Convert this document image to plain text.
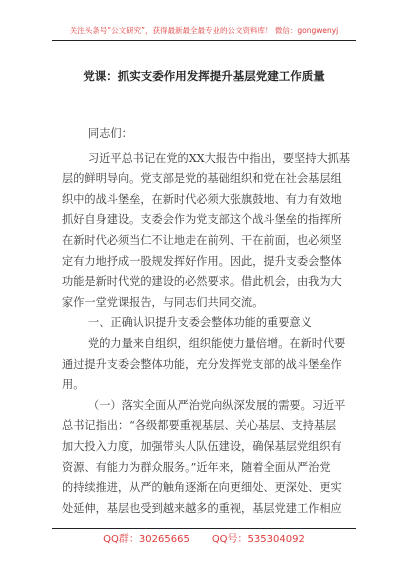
关注头条号“公文研究”，获得最新最全最专业的公文资料库！ 微信：gongwenyj
党课：抓实支委作用发挥提升基层党建工作质量
同志们：
习近平总书记在党的XX大报告中指出，要坚持大抓基
层的鲜明导向。党支部是党的基础组织和党在社会基层组
织中的战斗堡垒，在新时代必须大张旗鼓地、有力有效地
抓好自身建设。支委会作为党支部这个战斗堡垒的指挥所
在新时代必须当仁不让地走在前列、干在前面，也必须坚
定有力地抒成一股规发挥好作用。因此，提升支委会整体
功能是新时代党的建设的必然要求。借此机会，由我为大
家作一堂党课报告，与同志们共同交流。
一、正确认识提升支委会整体功能的重要意义
党的力量来自组织，组织能使力量倍增。在新时代要
通过提升支委会整体功能，充分发挥党支部的战斗堡垒作
用。
（一）落实全面从严治党向纵深发展的需要。习近平
总书记指出：“各级都要重视基层、关心基层、支持基层
加大投入力度，加强带头人队伍建设，确保基层党组织有
资源、有能力为群众服务。”近年来，随着全面从严治党
的持续推进，从严的触角逐渐在向更细处、更深处、更实
处延伸，基层也受到越来越多的重视，基层党建工作相应
QQ群：30265665 QQ号：535304092
